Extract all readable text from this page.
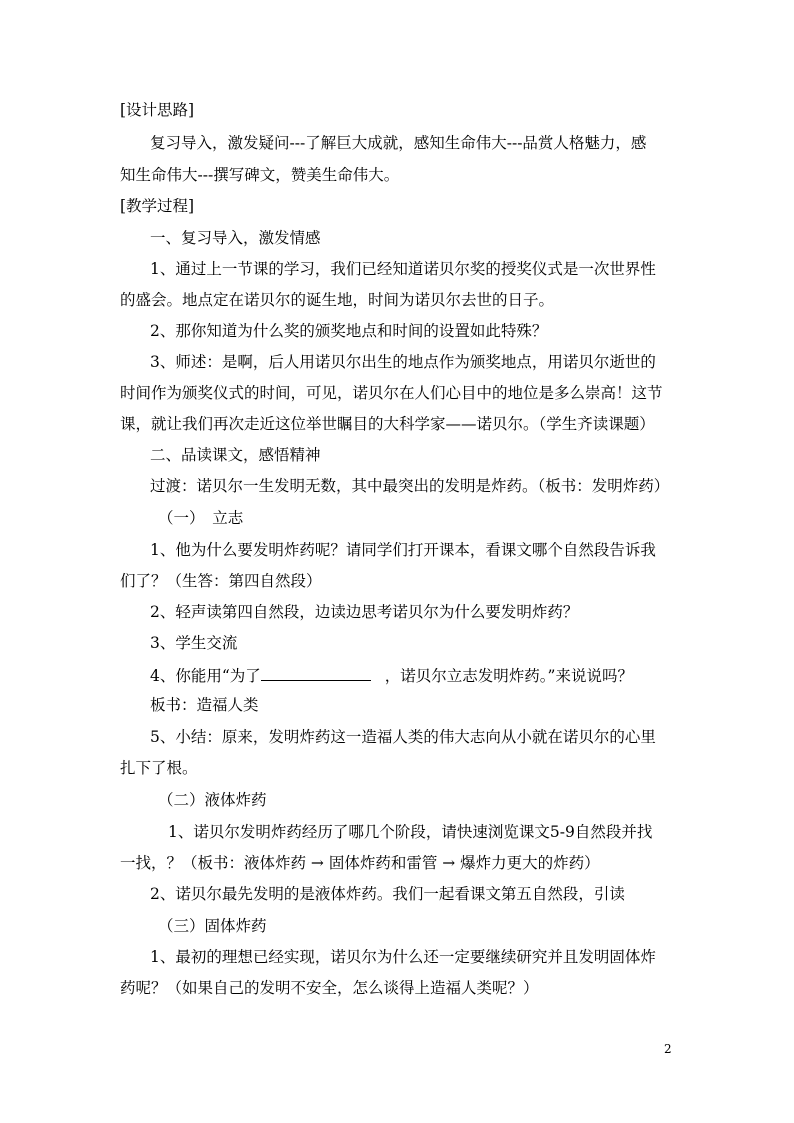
[设计思路]
复习导入，激发疑问---了解巨大成就，感知生命伟大---品赏人格魅力，感
知生命伟大---撰写碑文，赞美生命伟大。
[教学过程]
一、复习导入，激发情感
1、通过上一节课的学习，我们已经知道诺贝尔奖的授奖仪式是一次世界性
的盛会。地点定在诺贝尔的诞生地，时间为诺贝尔去世的日子。
2、那你知道为什么奖的颁奖地点和时间的设置如此特殊？
3、师述：是啊，后人用诺贝尔出生的地点作为颁奖地点，用诺贝尔逝世的
时间作为颁奖仪式的时间，可见，诺贝尔在人们心目中的地位是多么崇高！这节
课，就让我们再次走近这位举世瞩目的大科学家——诺贝尔。（学生齐读课题）
二、品读课文，感悟精神
过渡：诺贝尔一生发明无数，其中最突出的发明是炸药。（板书：发明炸药）
（一）　立志
1、他为什么要发明炸药呢？请同学们打开课本，看课文哪个自然段告诉我
们了？（生答：第四自然段）
2、轻声读第四自然段，边读边思考诺贝尔为什么要发明炸药？
3、学生交流
4、你能用“为了	，诺贝尔立志发明炸药。”来说说吗？
板书：造福人类
5、小结：原来，发明炸药这一造福人类的伟大志向从小就在诺贝尔的心里
扎下了根。
（二）液体炸药
1、诺贝尔发明炸药经历了哪几个阶段，请快速浏览课文5-9自然段并找
一找，？（板书：液体炸药 → 固体炸药和雷管 → 爆炸力更大的炸药）
2、诺贝尔最先发明的是液体炸药。我们一起看课文第五自然段，引读
（三）固体炸药
1、最初的理想已经实现，诺贝尔为什么还一定要继续研究并且发明固体炸
药呢？（如果自己的发明不安全，怎么谈得上造福人类呢？）
2
